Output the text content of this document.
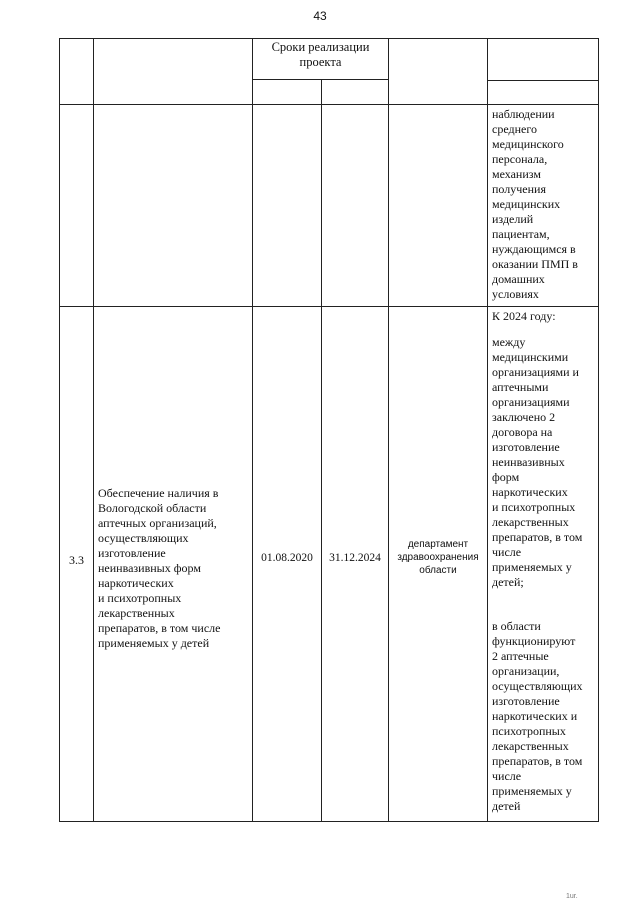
43
Сроки реализации
проекта
наблюдении
среднего
медицинского
персонала,
механизм
получения
медицинских
изделий
пациентам,
нуждающимся в
оказании ПМП в
домашних
условиях
3.3
Обеспечение наличия в
Вологодской области
аптечных организаций,
осуществляющих
изготовление
неинвазивных форм
наркотических
и психотропных
лекарственных
препаратов, в том числе
применяемых у детей
01.08.2020	31.12.2024
департамент
здравоохранения
области
К 2024 году:
между
медицинскими
организациями и
аптечными
организациями
заключено 2
договора на
изготовление
неинвазивных
форм
наркотических
и психотропных
лекарственных
препаратов, в том
числе
применяемых у
детей;
в области
функционируют
2 аптечные
организации,
осуществляющих
изготовление
наркотических и
психотропных
лекарственных
препаратов, в том
числе
применяемых у
детей
1ur.
